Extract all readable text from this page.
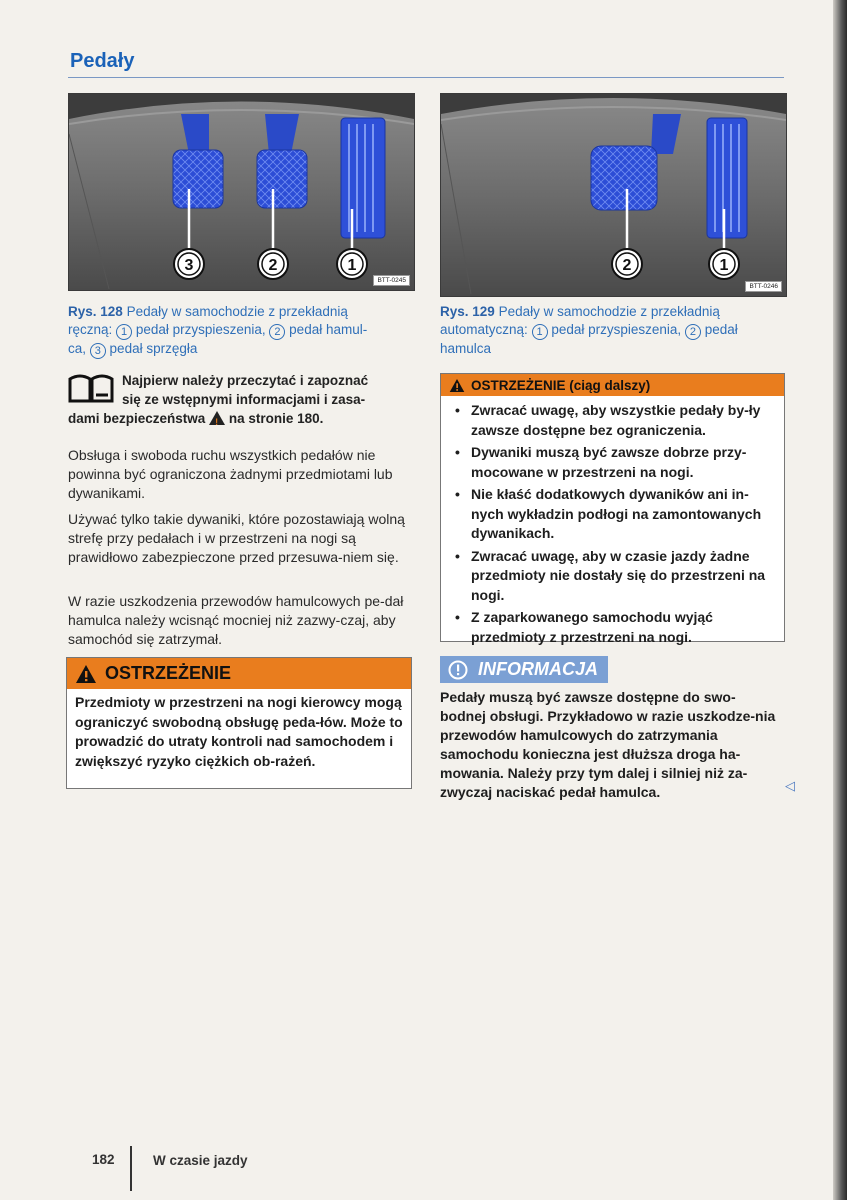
Pedały
3	2	1
BTT-0245
Rys. 128 Pedały w samochodzie z przekładnią
ręczną: 1 pedał przyspieszenia, 2 pedał hamul-
ca, 3 pedał sprzęgła
2	1
BTT-0246
Rys. 129 Pedały w samochodzie z przekładnią
automatyczną: 1 pedał przyspieszenia, 2 pedał
hamulca
Najpierw należy przeczytać i zapoznać
się ze wstępnymi informacjami i zasa-
dami bezpieczeństwa ! na stronie 180.
Obsługa i swoboda ruchu wszystkich pedałów nie powinna być ograniczona żadnymi przedmiotami lub dywanikami.
Używać tylko takie dywaniki, które pozostawiają wolną strefę przy pedałach i w przestrzeni na nogi są prawidłowo zabezpieczone przed przesuwa-niem się.
W razie uszkodzenia przewodów hamulcowych pe-dał hamulca należy wcisnąć mocniej niż zazwy-czaj, aby samochód się zatrzymał.
OSTRZEŻENIE
Przedmioty w przestrzeni na nogi kierowcy mogą ograniczyć swobodną obsługę peda-łów. Może to prowadzić do utraty kontroli nad samochodem i zwiększyć ryzyko ciężkich ob-rażeń.
OSTRZEŻENIE (ciąg dalszy)
• Zwracać uwagę, aby wszystkie pedały by-ły zawsze dostępne bez ograniczenia.
• Dywaniki muszą być zawsze dobrze przy-mocowane w przestrzeni na nogi.
• Nie kłaść dodatkowych dywaników ani in-nych wykładzin podłogi na zamontowanych dywanikach.
• Zwracać uwagę, aby w czasie jazdy żadne przedmioty nie dostały się do przestrzeni na nogi.
• Z zaparkowanego samochodu wyjąć przedmioty z przestrzeni na nogi.
INFORMACJA
Pedały muszą być zawsze dostępne do swo-bodnej obsługi. Przykładowo w razie uszkodze-nia przewodów hamulcowych do zatrzymania samochodu konieczna jest dłuższa droga ha-mowania. Należy przy tym dalej i silniej niż za-zwyczaj naciskać pedał hamulca.	◁
182	W czasie jazdy
